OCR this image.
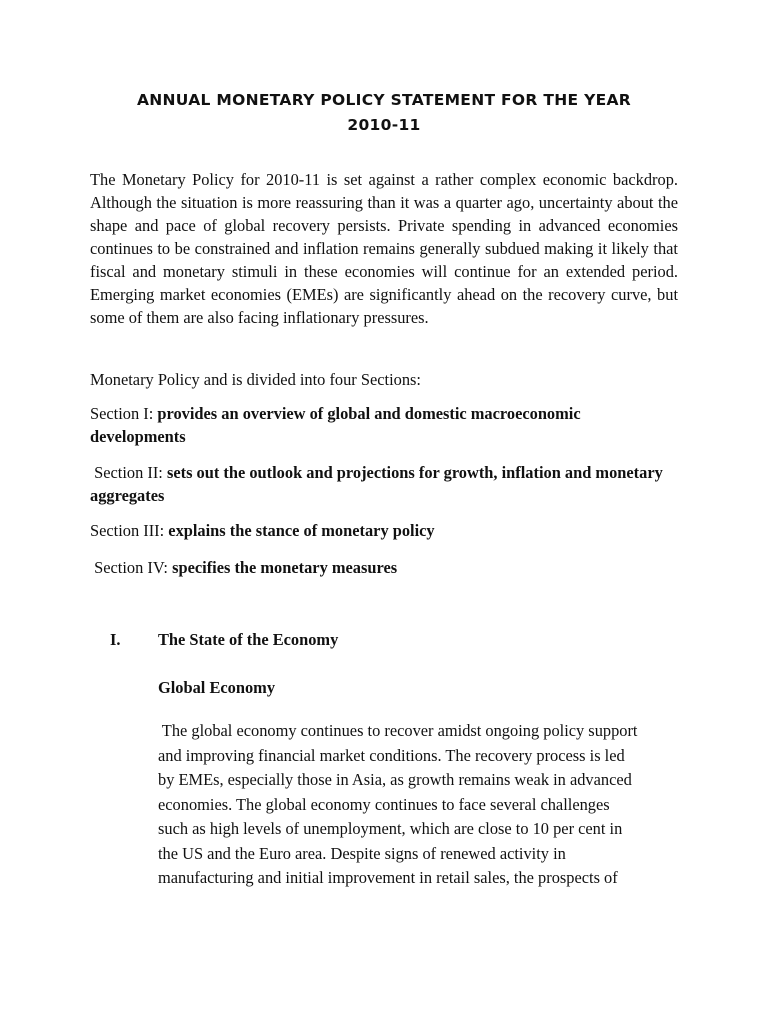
ANNUAL MONETARY POLICY STATEMENT FOR THE YEAR
2010-11

The Monetary Policy for 2010-11 is set against a rather complex economic backdrop. Although the situation is more reassuring than it was a quarter ago, uncertainty about the shape and pace of global recovery persists. Private spending in advanced economies continues to be constrained and inflation remains generally subdued making it likely that fiscal and monetary stimuli in these economies will continue for an extended period. Emerging market economies (EMEs) are significantly ahead on the recovery curve, but some of them are also facing inflationary pressures.

Monetary Policy and is divided into four Sections:

Section I: provides an overview of global and domestic macroeconomic developments

Section II: sets out the outlook and projections for growth, inflation and monetary aggregates

Section III: explains the stance of monetary policy

Section IV: specifies the monetary measures

I. The State of the Economy
Global Economy
The global economy continues to recover amidst ongoing policy support
and improving financial market conditions. The recovery process is led
by EMEs, especially those in Asia, as growth remains weak in advanced
economies. The global economy continues to face several challenges
such as high levels of unemployment, which are close to 10 per cent in
the US and the Euro area. Despite signs of renewed activity in
manufacturing and initial improvement in retail sales, the prospects of
